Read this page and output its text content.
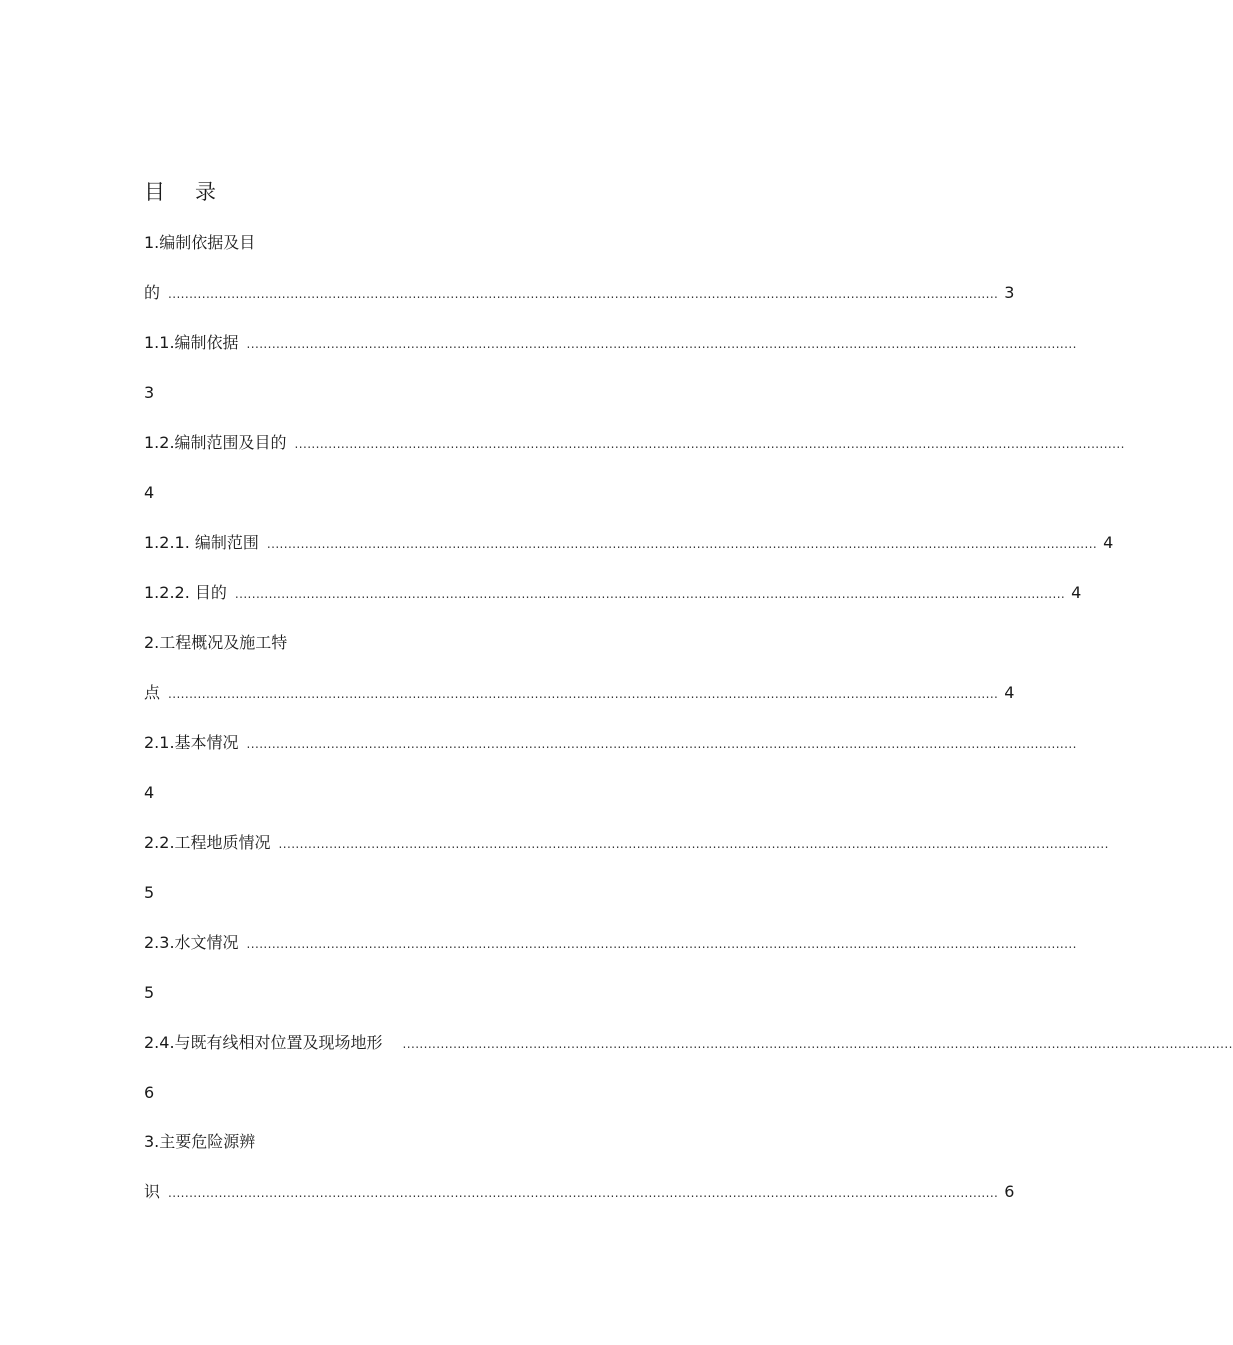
目 录
1.编制依据及目
的 ..................................................................................................................................................................................................... 3
1.1.编制依据 .....................................................................................................................................................................................................
3
1.2.编制范围及目的 .....................................................................................................................................................................................................
4
1.2.1. 编制范围 ..................................................................................................................................................................................................... 4
1.2.2. 目的 ..................................................................................................................................................................................................... 4
2.工程概况及施工特
点 ..................................................................................................................................................................................................... 4
2.1.基本情况 .....................................................................................................................................................................................................
4
2.2.工程地质情况 .....................................................................................................................................................................................................
5
2.3.水文情况 .....................................................................................................................................................................................................
5
2.4.与既有线相对位置及现场地形 .....................................................................................................................................................................................................
6
3.主要危险源辨
识 ..................................................................................................................................................................................................... 6
